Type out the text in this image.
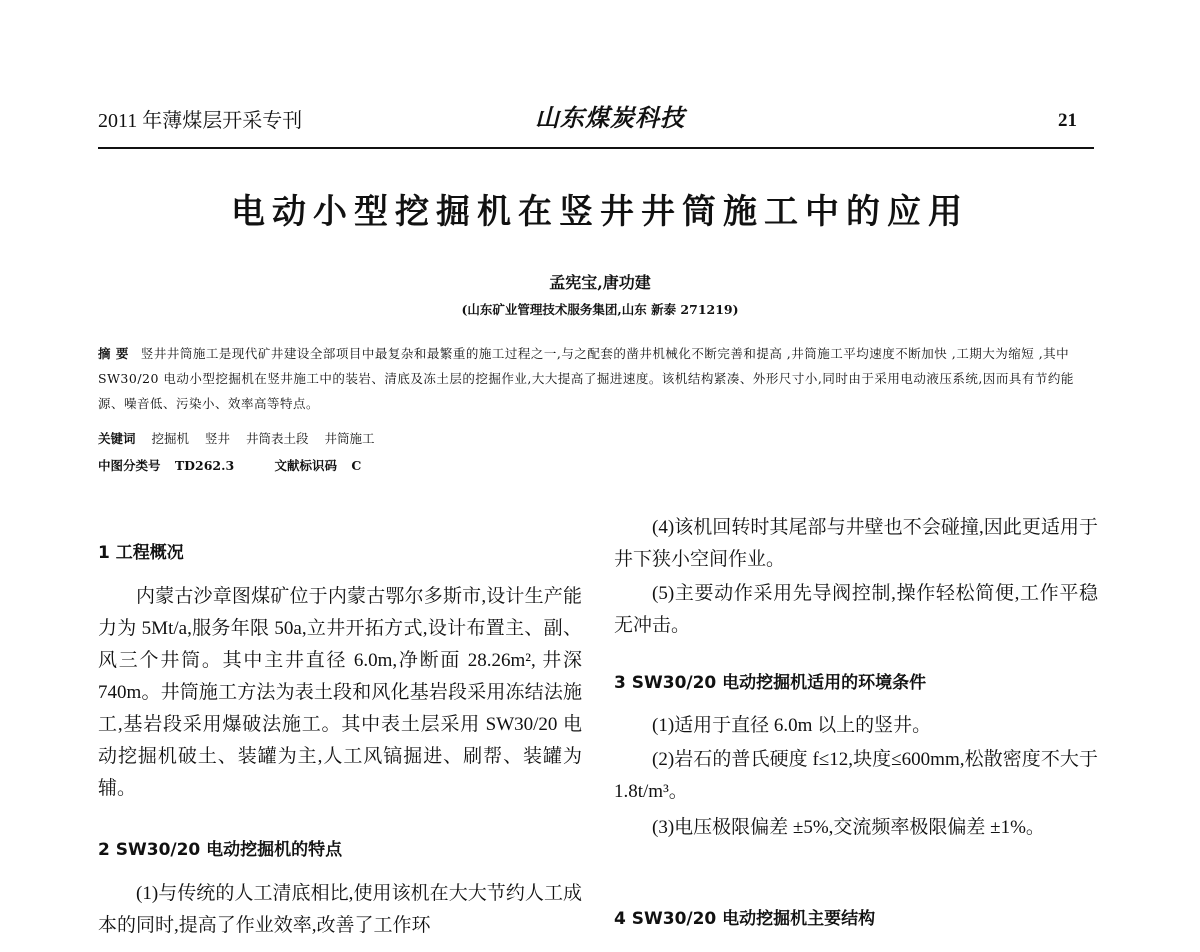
2011 年薄煤层开采专刊	山东煤炭科技	21
电动小型挖掘机在竖井井筒施工中的应用
孟宪宝,唐功建
(山东矿业管理技术服务集团,山东 新泰 271219)
摘 要 竖井井筒施工是现代矿井建设全部项目中最复杂和最繁重的施工过程之一,与之配套的凿井机械化不断完善和提高 ,井筒施工平均速度不断加快 ,工期大为缩短 ,其中 SW30/20 电动小型挖掘机在竖井施工中的装岩、清底及冻土层的挖掘作业,大大提高了掘进速度。该机结构紧凑、外形尺寸小,同时由于采用电动液压系统,因而具有节约能源、噪音低、污染小、效率高等特点。
关键词 挖掘机 竖井 井筒表土段 井筒施工
中图分类号 TD262.3	文献标识码 C
1 工程概况

内蒙古沙章图煤矿位于内蒙古鄂尔多斯市,设计生产能力为 5Mt/a,服务年限 50a,立井开拓方式,设计布置主、副、风三个井筒。其中主井直径 6.0m,净断面 28.26m², 井深 740m。井筒施工方法为表土段和风化基岩段采用冻结法施工,基岩段采用爆破法施工。其中表土层采用 SW30/20 电动挖掘机破土、装罐为主,人工风镐掘进、刷帮、装罐为辅。

2 SW30/20 电动挖掘机的特点

(1)与传统的人工清底相比,使用该机在大大节约人工成本的同时,提高了作业效率,改善了工作环

(4)该机回转时其尾部与井壁也不会碰撞,因此更适用于井下狭小空间作业。

(5)主要动作采用先导阀控制,操作轻松简便,工作平稳无冲击。

3 SW30/20 电动挖掘机适用的环境条件

(1)适用于直径 6.0m 以上的竖井。

(2)岩石的普氏硬度 f≤12,块度≤600mm,松散密度不大于 1.8t/m³。

(3)电压极限偏差 ±5%,交流频率极限偏差 ±1%。

4 SW30/20 电动挖掘机主要结构
